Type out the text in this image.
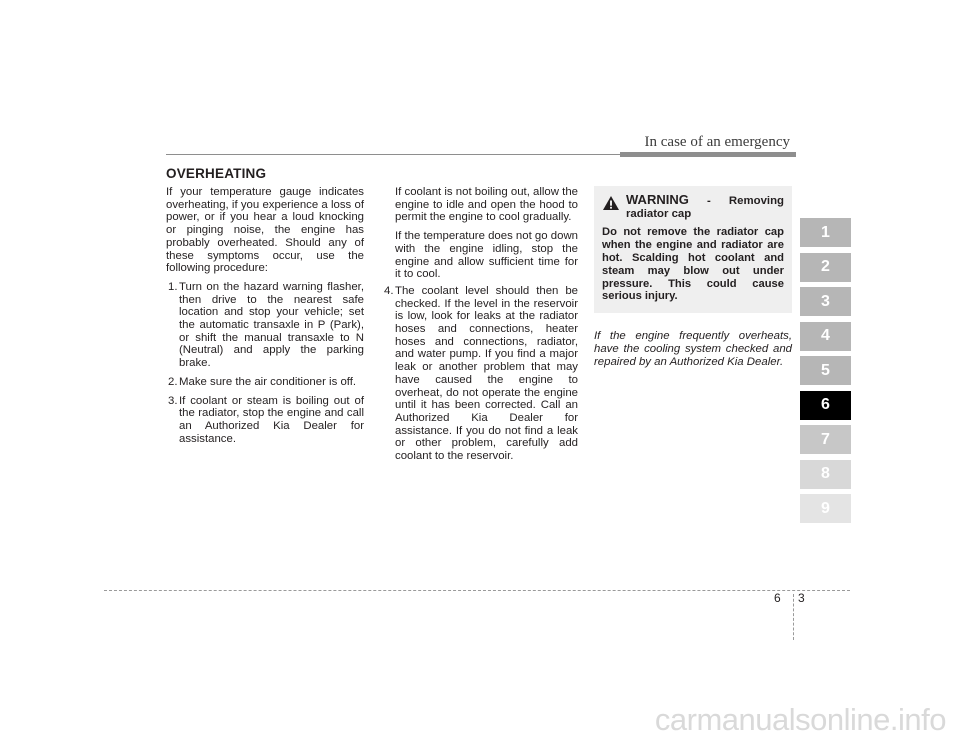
In case of an emergency
OVERHEATING

If your temperature gauge indicates overheating, if you experience a loss of power, or if you hear a loud knocking or pinging noise, the engine has probably overheated. Should any of these symptoms occur, use the following procedure:

1. Turn on the hazard warning flasher, then drive to the nearest safe location and stop your vehicle; set the automatic transaxle in P (Park), or shift the manual transaxle to N (Neutral) and apply the parking brake.
2. Make sure the air conditioner is off.
3. If coolant or steam is boiling out of the radiator, stop the engine and call an Authorized Kia Dealer for assistance.

If coolant is not boiling out, allow the engine to idle and open the hood to permit the engine to cool gradually.

If the temperature does not go down with the engine idling, stop the engine and allow sufficient time for it to cool.

4. The coolant level should then be checked. If the level in the reservoir is low, look for leaks at the radiator hoses and connections, heater hoses and connections, radiator, and water pump. If you find a major leak or another problem that may have caused the engine to overheat, do not operate the engine until it has been corrected. Call an Authorized Kia Dealer for assistance. If you do not find a leak or other problem, carefully add coolant to the reservoir.
WARNING - Removing radiator cap

Do not remove the radiator cap when the engine and radiator are hot. Scalding hot coolant and steam may blow out under pressure. This could cause serious injury.

If the engine frequently overheats, have the cooling system checked and repaired by an Authorized Kia Dealer.

1
2
3
4
5
6
7
8
9
6 3
carmanualsonline.info
